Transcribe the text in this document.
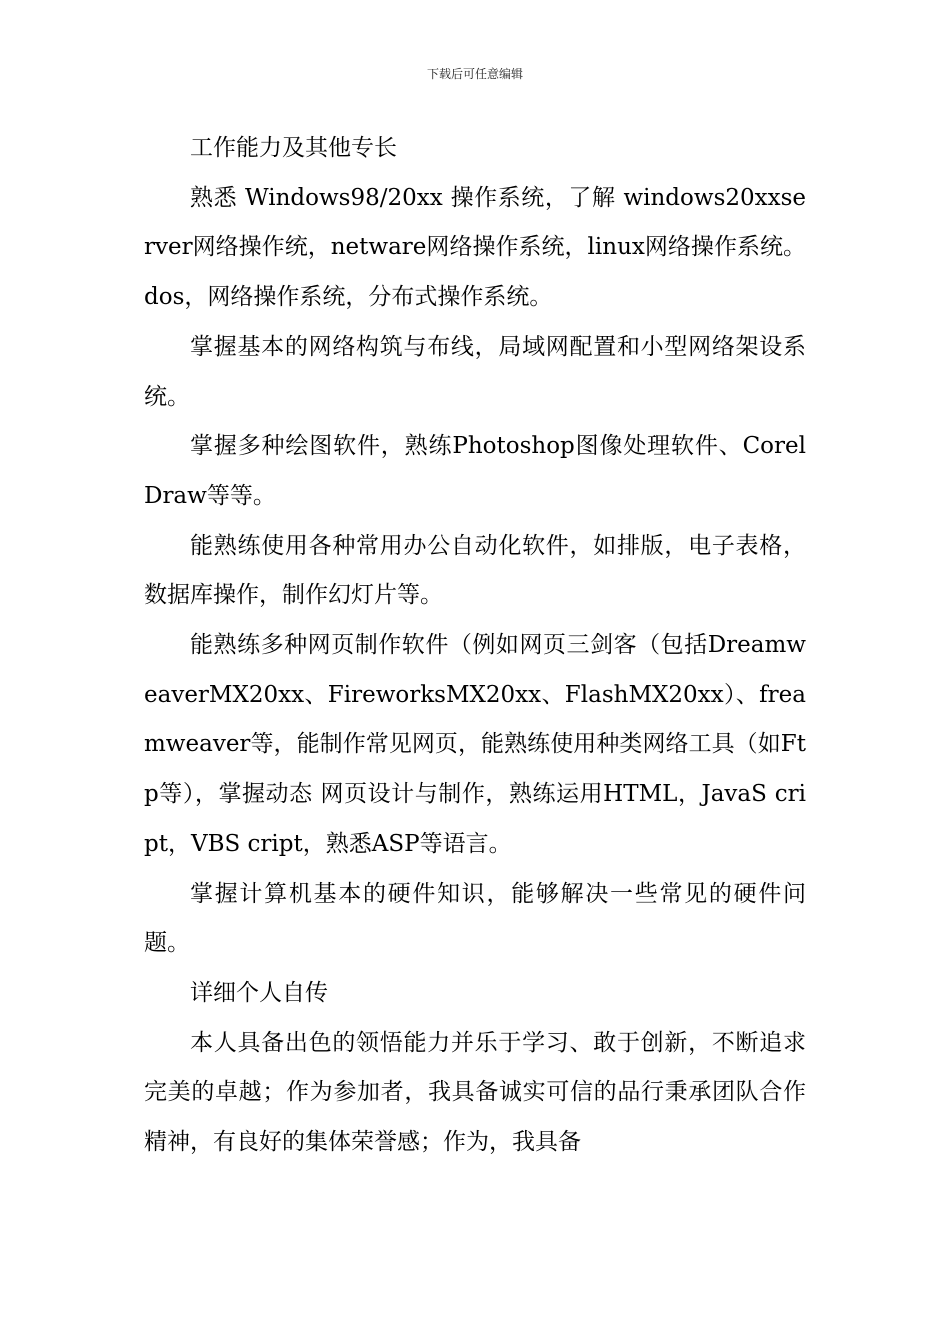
下载后可任意编辑

工作能力及其他专长

熟悉 Windows98/20xx 操作系统，了解 windows20xxserver网络操作统，netware网络操作系统，linux网络操作系统。dos，网络操作系统，分布式操作系统。

掌握基本的网络构筑与布线，局域网配置和小型网络架设系统。

掌握多种绘图软件，熟练Photoshop图像处理软件、CorelDraw等等。

能熟练使用各种常用办公自动化软件，如排版，电子表格，数据库操作，制作幻灯片等。

能熟练多种网页制作软件（例如网页三剑客（包括DreamweaverMX20xx、FireworksMX20xx、FlashMX20xx）、freamweaver等，能制作常见网页，能熟练使用种类网络工具（如Ftp等），掌握动态 网页设计与制作，熟练运用HTML，JavaS cript，VBS cript，熟悉ASP等语言。

掌握计算机基本的硬件知识，能够解决一些常见的硬件问题。

详细个人自传

本人具备出色的领悟能力并乐于学习、敢于创新，不断追求完美的卓越；作为参加者，我具备诚实可信的品行秉承团队合作精神，有良好的集体荣誉感；作为，我具备
